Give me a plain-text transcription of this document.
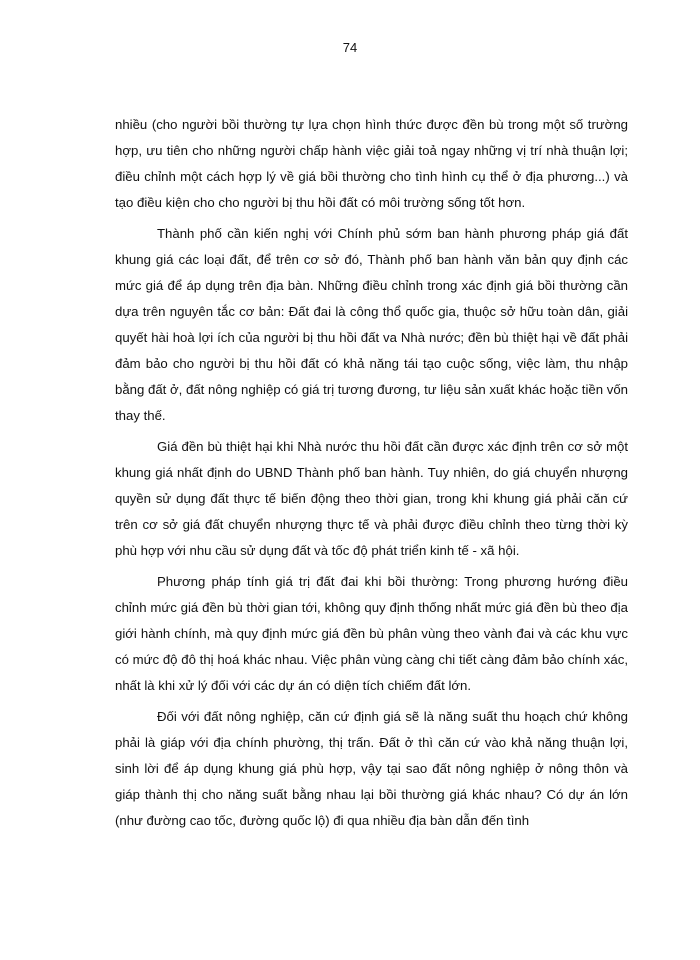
74

nhiều (cho người bồi thường tự lựa chọn hình thức được đền bù trong một số trường hợp, ưu tiên cho những người chấp hành việc giải toả ngay những vị trí nhà thuận lợi; điều chỉnh một cách hợp lý về giá bồi thường cho tình hình cụ thể ở địa phương...) và tạo điều kiện cho cho người bị thu hồi đất có môi trường sống tốt hơn.

Thành phố cần kiến nghị với Chính phủ sớm ban hành phương pháp giá đất khung giá các loại đất, để trên cơ sở đó, Thành phố ban hành văn bản quy định các mức giá để áp dụng trên địa bàn. Những điều chỉnh trong xác định giá bồi thường cần dựa trên nguyên tắc cơ bản: Đất đai là công thổ quốc gia, thuộc sở hữu toàn dân, giải quyết hài hoà lợi ích của người bị thu hồi đất va Nhà nước; đền bù thiệt hại về đất phải đảm bảo cho người bị thu hồi đất có khả năng tái tạo cuộc sống, việc làm, thu nhập bằng đất ở, đất nông nghiệp có giá trị tương đương, tư liệu sản xuất khác hoặc tiền vốn thay thế.

Giá đền bù thiệt hại khi Nhà nước thu hồi đất cần được xác định trên cơ sở một khung giá nhất định do UBND Thành phố ban hành. Tuy nhiên, do giá chuyển nhượng quyền sử dụng đất thực tế biến động theo thời gian, trong khi khung giá phải căn cứ trên cơ sở giá đất chuyển nhượng thực tế và phải được điều chỉnh theo từng thời kỳ phù hợp với nhu cầu sử dụng đất và tốc độ phát triển kinh tế - xã hội.

Phương pháp tính giá trị đất đai khi bồi thường: Trong phương hướng điều chỉnh mức giá đền bù thời gian tới, không quy định thống nhất mức giá đền bù theo địa giới hành chính, mà quy định mức giá đền bù phân vùng theo vành đai và các khu vực có mức độ đô thị hoá khác nhau. Việc phân vùng càng chi tiết càng đảm bảo chính xác, nhất là khi xử lý đối với các dự án có diện tích chiếm đất lớn.

Đối với đất nông nghiệp, căn cứ định giá sẽ là năng suất thu hoạch chứ không phải là giáp với địa chính phường, thị trấn. Đất ở thì căn cứ vào khả năng thuận lợi, sinh lời để áp dụng khung giá phù hợp, vậy tại sao đất nông nghiệp ở nông thôn và giáp thành thị cho năng suất bằng nhau lại bồi thường giá khác nhau? Có dự án lớn (như đường cao tốc, đường quốc lộ) đi qua nhiều địa bàn dẫn đến tình
